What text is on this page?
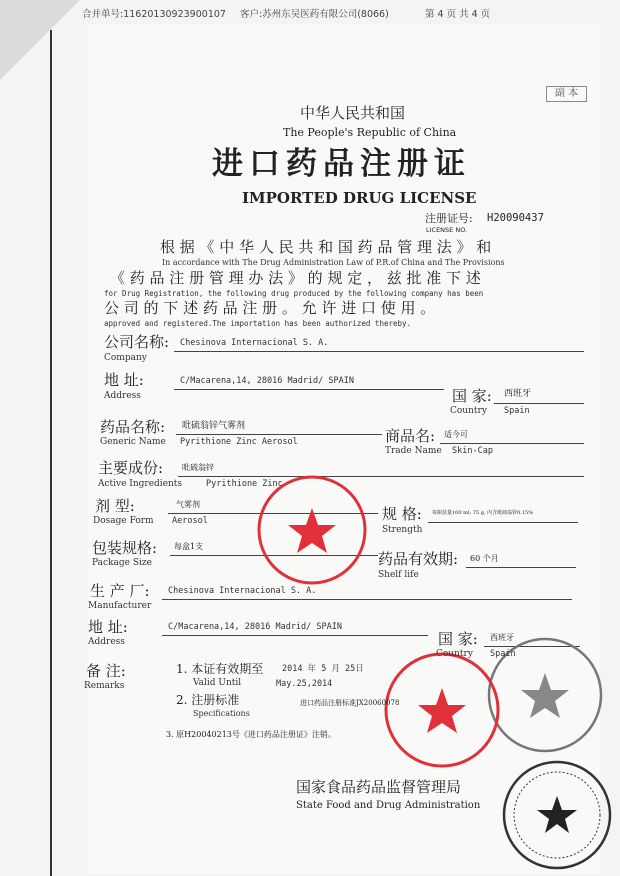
合并单号:11620130923900107 客户:苏州东吴医药有限公司(8066)	第 4 页 共 4 页
副 本
中华人民共和国
The People's Republic of China
进口药品注册证
IMPORTED DRUG LICENSE
注册证号: H20090437
LICENSE NO.
根 据 《 中 华 人 民 共 和 国 药 品 管 理 法 》 和
In accordance with The Drug Administration Law of P.R.of China and The Provisions
《 药 品 注 册 管 理 办 法 》 的 规 定 ， 兹 批 准 下 述
for Drug Registration, the following drug produced by the following company has been
公 司 的 下 述 药 品 注 册 。 允 许 进 口 使 用 。
approved and registered.The importation has been authorized thereby.
公司名称:
Company
Chesinova Internacional S. A.
地 址:
Address
C/Macarena,14, 28016 Madrid/ SPAIN
国 家:
Country
西班牙
Spain
药品名称:
Generic Name
吡硫翁锌气雾剂
Pyrithione Zinc Aerosol	商品名:
Trade Name
适今可
Skin-Cap
主要成份:
Active Ingredients
吡硫翁锌
Pyrithione Zinc
剂 型:
Dosage Form
气雾剂
Aerosol	规 格:
Strength
每瓶装量100 ml; 75 g, 内含吡硫翁锌0.15%
包装规格:
Package Size
每盒1支
药品有效期:
Shelf life
60 个月
生 产 厂:
Manufacturer
Chesinova Internacional S. A.
地 址:
Address
C/Macarena,14, 28016 Madrid/ SPAIN
国 家:
Country
西班牙
Spain
备 注:
Remarks
1. 本证有效期至
Valid Until
2014 年 5 月 25日
May.25,2014
2. 注册标准
Specifications
进口药品注册标准JX20060078
3. 原H20040213号《进口药品注册证》注销。
国家食品药品监督管理局
State Food and Drug Administration
